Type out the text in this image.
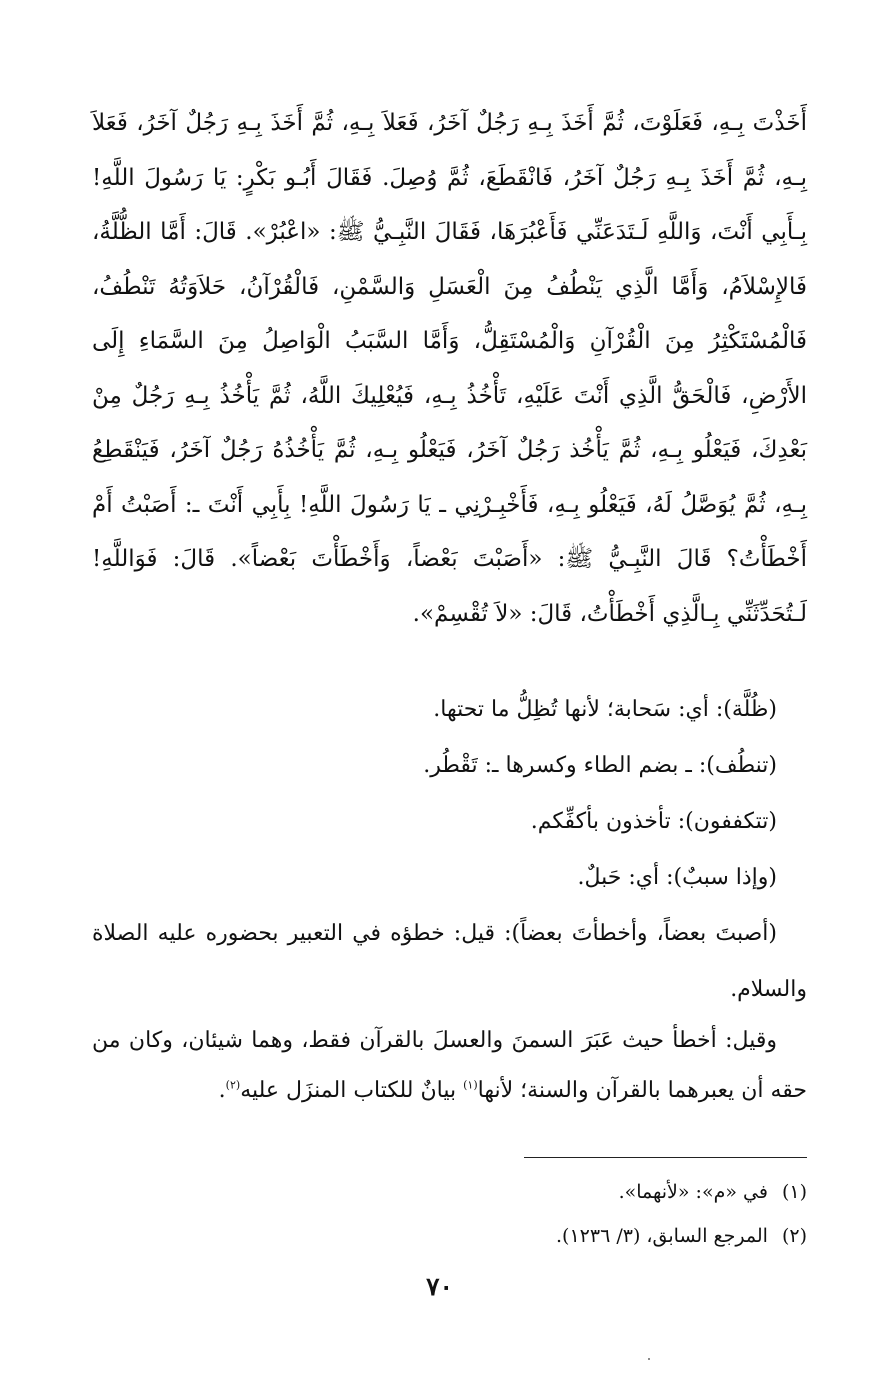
أَخَذْتَ بِـهِ، فَعَلَوْتَ، ثُمَّ أَخَذَ بِـهِ رَجُلٌ آخَرُ، فَعَلاَ بِـهِ، ثُمَّ أَخَذَ بِـهِ رَجُلٌ آخَرُ، فَعَلاَ بِـهِ، ثُمَّ أَخَذَ بِـهِ رَجُلٌ آخَرُ، فَانْقَطَعَ، ثُمَّ وُصِلَ. فَقَالَ أَبُـو بَكْرٍ: يَا رَسُولَ اللَّهِ! بِـأَبِي أَنْتَ، وَاللَّهِ لَـتَدَعَنِّي فَأَعْبُرَهَا، فَقَالَ النَّبِـيُّ ﷺ: «اعْبُرْ». قَالَ: أَمَّا الظُّلَّةُ، فَالإِسْلاَمُ، وَأَمَّا الَّذِي يَنْطُفُ مِنَ الْعَسَلِ وَالسَّمْنِ، فَالْقُرْآنُ، حَلاَوَتُهُ تَنْطُفُ، فَالْمُسْتَكْثِرُ مِنَ الْقُرْآنِ وَالْمُسْتَقِلُّ، وَأَمَّا السَّبَبُ الْوَاصِلُ مِنَ السَّمَاءِ إِلَى الأَرْضِ، فَالْحَقُّ الَّذِي أَنْتَ عَلَيْهِ، تَأْخُذُ بِـهِ، فَيُعْلِيكَ اللَّهُ، ثُمَّ يَأْخُذُ بِـهِ رَجُلٌ مِنْ بَعْدِكَ، فَيَعْلُو بِـهِ، ثُمَّ يَأْخُذ رَجُلٌ آخَرُ، فَيَعْلُو بِـهِ، ثُمَّ يَأْخُذُهُ رَجُلٌ آخَرُ، فَيَنْقَطِعُ بِـهِ، ثُمَّ يُوَصَّلُ لَهُ، فَيَعْلُو بِـهِ، فَأَخْبِـرْنِي ـ يَا رَسُولَ اللَّهِ! بِأَبِي أَنْتَ ـ: أَصَبْتُ أَمْ أَخْطَأْتُ؟ قَالَ النَّبِـيُّ ﷺ: «أَصَبْتَ بَعْضاً، وَأَخْطَأْتَ بَعْضاً». قَالَ: فَوَاللَّهِ! لَـتُحَدِّثَنِّي بِـالَّذِي أَخْطَأْتُ، قَالَ: «لاَ تُقْسِمْ».

(ظُلَّة): أي: سَحابة؛ لأنها تُظِلُّ ما تحتها.

(تنطُف): ـ بضم الطاء وكسرها ـ: تَقْطُر.

(تتكففون): تأخذون بأكفِّكم.

(وإذا سببٌ): أي: حَبلٌ.

(أصبتَ بعضاً، وأخطأتَ بعضاً): قيل: خطؤه في التعبير بحضوره عليه الصلاة والسلام.

وقيل: أخطأ حيث عَبَرَ السمنَ والعسلَ بالقرآن فقط، وهما شيئان، وكان من حقه أن يعبرهما بالقرآن والسنة؛ لأنها$^{(١)}$ بيانٌ للكتاب المنزَل عليه$^{(٢)}$.

(١)في «م»: «لأنهما».

(٢)المرجع السابق، (٣/ ١٢٣٦).

٧٠
